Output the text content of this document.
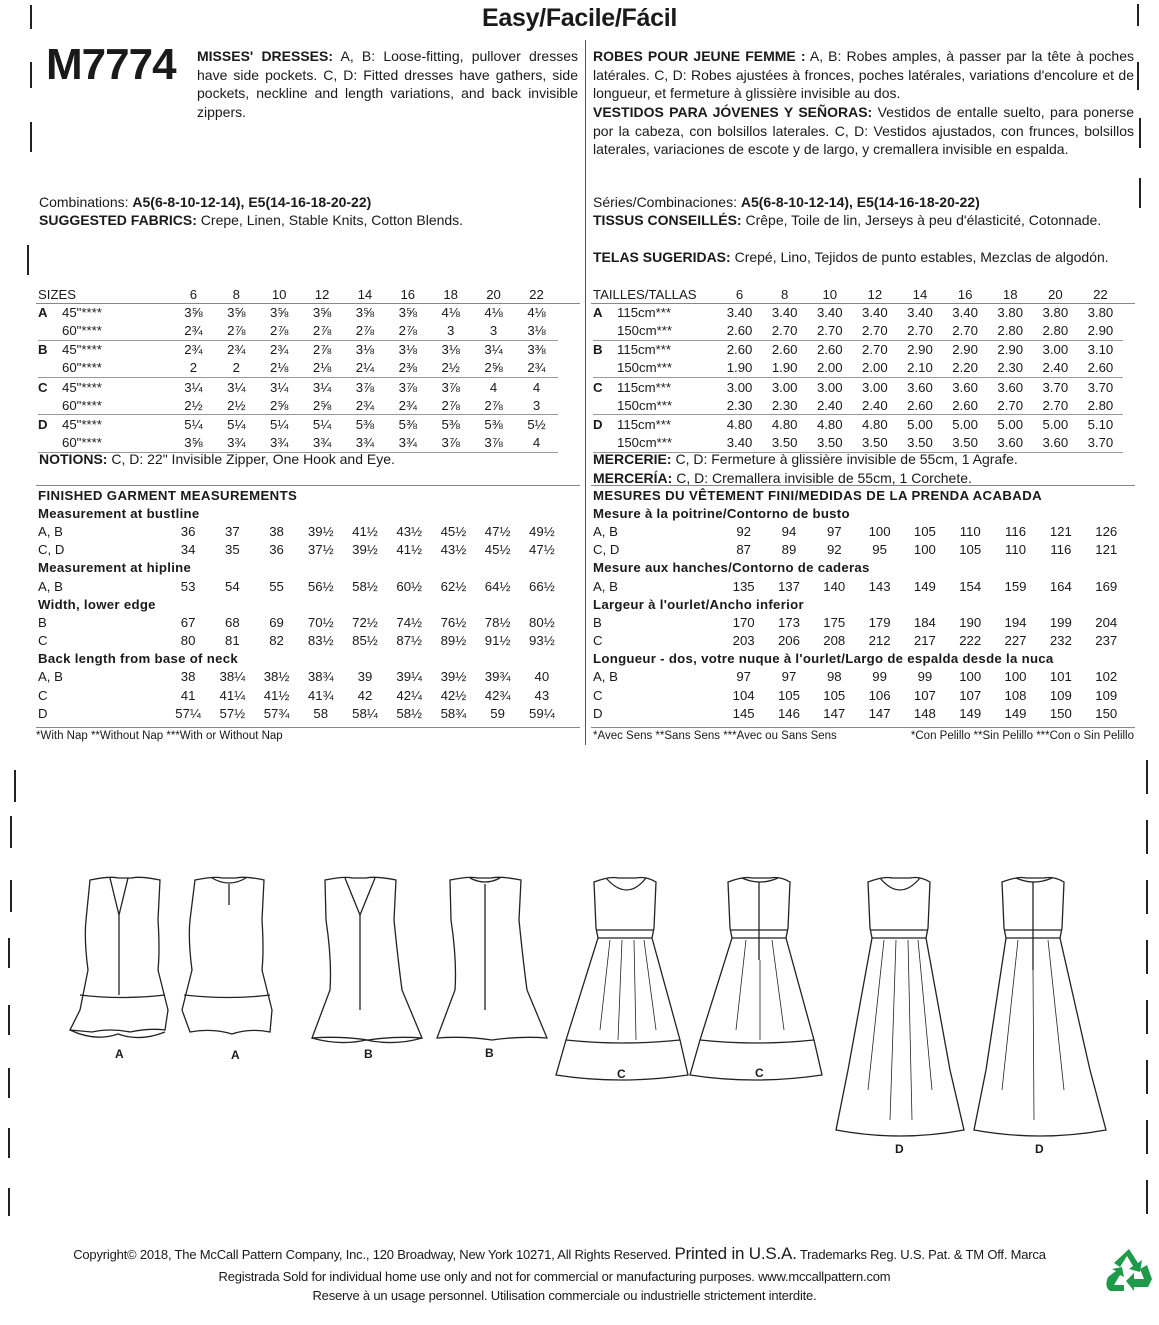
Easy/Facile/Fácil
M7774 MISSES' DRESSES: A, B: Loose-fitting, pullover dresses have side pockets. C, D: Fitted dresses have gathers, side pockets, neckline and length variations, and back invisible zippers.
ROBES POUR JEUNE FEMME : A, B: Robes amples, à passer par la tête à poches latérales. C, D: Robes ajustées à fronces, poches latérales, variations d'encolure et de longueur, et fermeture à glissière invisible au dos.
VESTIDOS PARA JÓVENES Y SEÑORAS: Vestidos de entalle suelto, para ponerse por la cabeza, con bolsillos laterales. C, D: Vestidos ajustados, con frunces, bolsillos laterales, variaciones de escote y de largo, y cremallera invisible en espalda.
Combinations: A5(6-8-10-12-14), E5(14-16-18-20-22)
SUGGESTED FABRICS: Crepe, Linen, Stable Knits, Cotton Blends.
Séries/Combinaciones: A5(6-8-10-12-14), E5(14-16-18-20-22)
TISSUS CONSEILLÉS: Crêpe, Toile de lin, Jerseys à peu d'élasticité, Cotonnade.
TELAS SUGERIDAS: Crepé, Lino, Tejidos de punto estables, Mezclas de algodón.
SIZES		6	8	10	12	14	16	18	20	22
A	45"****	3⅝	3⅝	3⅝	3⅝	3⅝	3⅝	4⅛	4⅛	4⅛
	60"****	2¾	2⅞	2⅞	2⅞	2⅞	2⅞	3	3	3⅛
B	45"****	2¾	2¾	2¾	2⅞	3⅛	3⅛	3⅛	3¼	3⅜
	60"****	2	2	2⅛	2⅛	2¼	2⅜	2½	2⅝	2¾
C	45"****	3¼	3¼	3¼	3¼	3⅞	3⅞	3⅞	4	4
	60"****	2½	2½	2⅝	2⅝	2¾	2¾	2⅞	2⅞	3
D	45"****	5¼	5¼	5¼	5¼	5⅜	5⅜	5⅜	5⅜	5½
	60"****	3⅝	3¾	3¾	3¾	3¾	3¾	3⅞	3⅞	4
TAILLES/TALLAS		6	8	10	12	14	16	18	20	22
A	115cm***	3.40	3.40	3.40	3.40	3.40	3.40	3.80	3.80	3.80
	150cm***	2.60	2.70	2.70	2.70	2.70	2.70	2.80	2.80	2.90
B	115cm***	2.60	2.60	2.60	2.70	2.90	2.90	2.90	3.00	3.10
	150cm***	1.90	1.90	2.00	2.00	2.10	2.20	2.30	2.40	2.60
C	115cm***	3.00	3.00	3.00	3.00	3.60	3.60	3.60	3.70	3.70
	150cm***	2.30	2.30	2.40	2.40	2.60	2.60	2.70	2.70	2.80
D	115cm***	4.80	4.80	4.80	4.80	5.00	5.00	5.00	5.00	5.10
	150cm***	3.40	3.50	3.50	3.50	3.50	3.50	3.60	3.60	3.70
NOTIONS: C, D: 22" Invisible Zipper, One Hook and Eye.	MERCERIE: C, D: Fermeture à glissière invisible de 55cm, 1 Agrafe.
MERCERÍA: C, D: Cremallera invisible de 55cm, 1 Corchete.
FINISHED GARMENT MEASUREMENTS									
Measurement at bustline									
A, B	36	37	38	39½	41½	43½	45½	47½	49½
C, D	34	35	36	37½	39½	41½	43½	45½	47½
Measurement at hipline									
A, B	53	54	55	56½	58½	60½	62½	64½	66½
Width, lower edge									
B	67	68	69	70½	72½	74½	76½	78½	80½
C	80	81	82	83½	85½	87½	89½	91½	93½
Back length from base of neck									
A, B	38	38¼	38½	38¾	39	39¼	39½	39¾	40
C	41	41¼	41½	41¾	42	42¼	42½	42¾	43
D	57¼	57½	57¾	58	58¼	58½	58¾	59	59¼
MESURES DU VÊTEMENT FINI/MEDIDAS DE LA PRENDA ACABADA									
Mesure à la poitrine/Contorno de busto									
A, B	92	94	97	100	105	110	116	121	126
C, D	87	89	92	95	100	105	110	116	121
Mesure aux hanches/Contorno de caderas									
A, B	135	137	140	143	149	154	159	164	169
Largeur à l'ourlet/Ancho inferior									
B	170	173	175	179	184	190	194	199	204
C	203	206	208	212	217	222	227	232	237
Longueur - dos, votre nuque à l'ourlet/Largo de espalda desde la nuca									
A, B	97	97	98	99	99	100	100	101	102
C	104	105	105	106	107	107	108	109	109
D	145	146	147	147	148	149	149	150	150
*With Nap **Without Nap ***With or Without Nap	*Avec Sens **Sans Sens ***Avec ou Sans Sens	*Con Pelillo **Sin Pelillo ***Con o Sin Pelillo
A	A	B	B
C	C
D	D
Copyright© 2018, The McCall Pattern Company, Inc., 120 Broadway, New York 10271, All Rights Reserved. Printed in U.S.A. Trademarks Reg. U.S. Pat. & TM Off. Marca
Registrada Sold for individual home use only and not for commercial or manufacturing purposes. www.mccallpattern.com
Reserve à un usage personnel. Utilisation commerciale ou industrielle strictement interdite.
